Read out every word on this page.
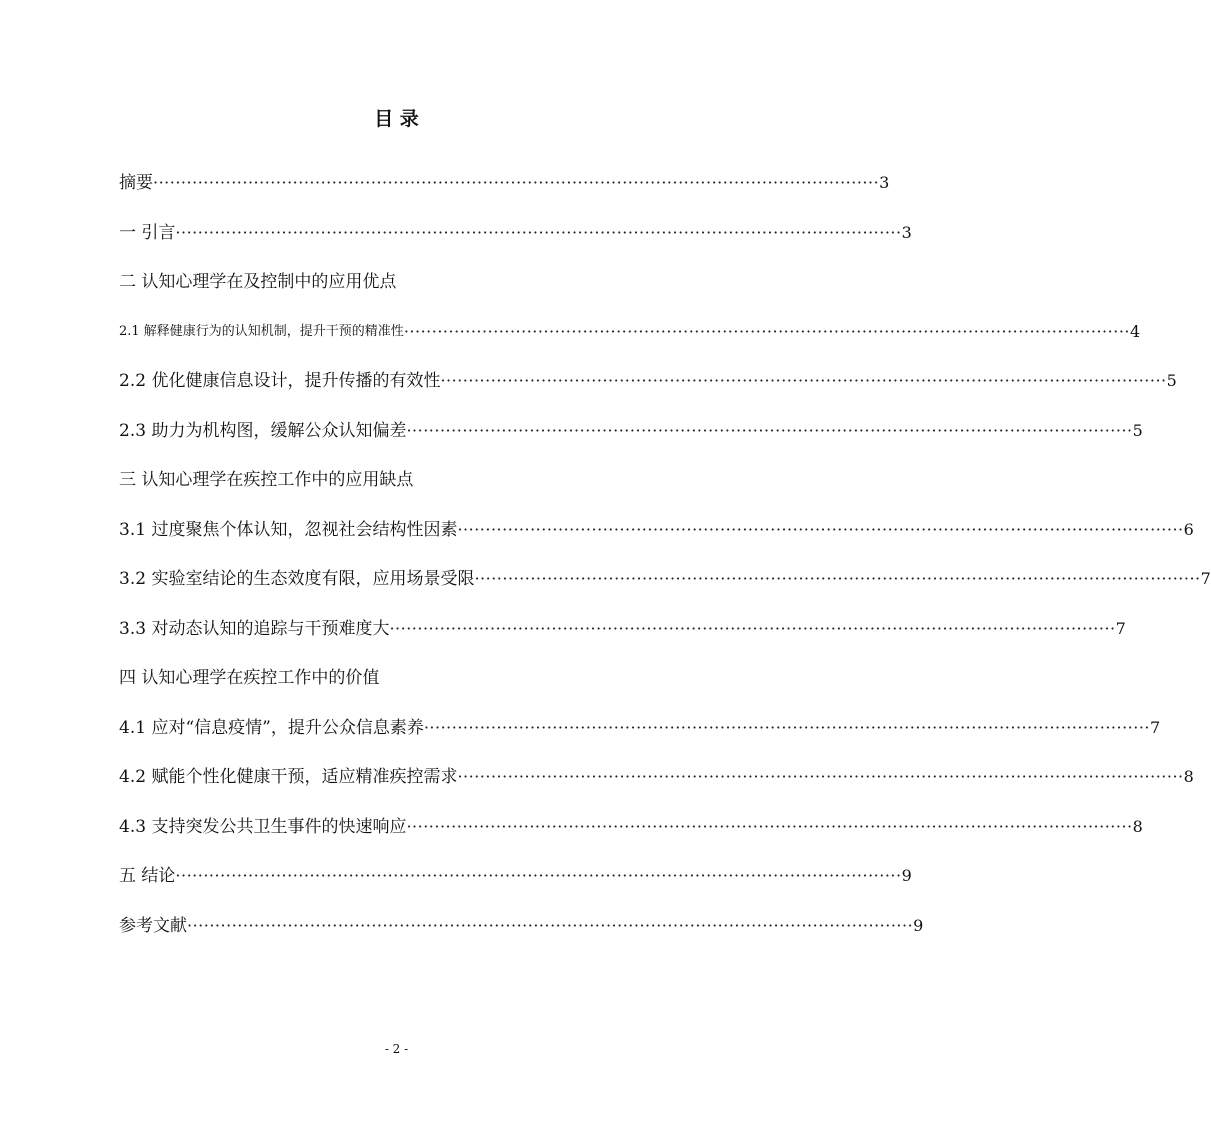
目 录
摘要 ·································································································································· 3
一 引言 ·································································································································· 3
二 认知心理学在及控制中的应用优点
2.1 解释健康行为的认知机制，提升干预的精准性 ·································································································································· 4
2.2 优化健康信息设计，提升传播的有效性 ·································································································································· 5
2.3 助力为机构图，缓解公众认知偏差 ·································································································································· 5
三 认知心理学在疾控工作中的应用缺点
3.1 过度聚焦个体认知，忽视社会结构性因素 ·································································································································· 6
3.2 实验室结论的生态效度有限，应用场景受限 ·································································································································· 7
3.3 对动态认知的追踪与干预难度大 ·································································································································· 7
四 认知心理学在疾控工作中的价值
4.1 应对“信息疫情”，提升公众信息素养 ·································································································································· 7
4.2 赋能个性化健康干预，适应精准疾控需求 ·································································································································· 8
4.3 支持突发公共卫生事件的快速响应 ·································································································································· 8
五 结论 ·································································································································· 9
参考文献 ·································································································································· 9
- 2 -
